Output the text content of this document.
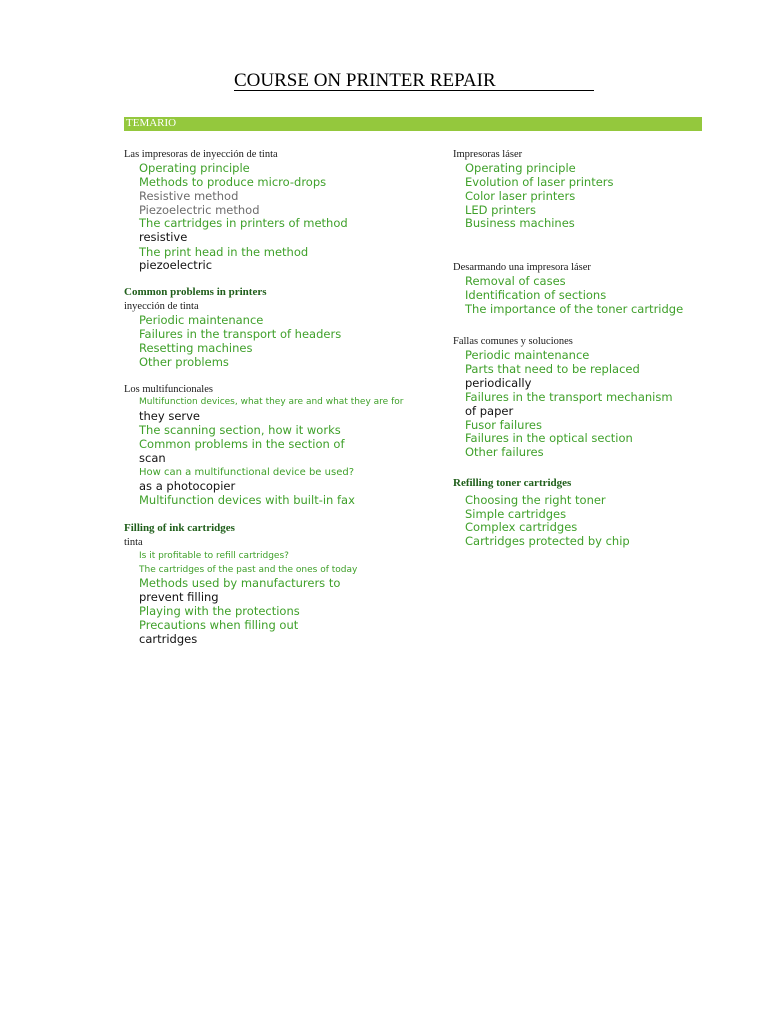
COURSE ON PRINTER REPAIR
TEMARIO
Las impresoras de inyección de tinta
Operating principle
Methods to produce micro-drops
Resistive method
Piezoelectric method
The cartridges in printers of method
resistive
The print head in the method
piezoelectric
Common problems in printers
inyección de tinta
Periodic maintenance
Failures in the transport of headers
Resetting machines
Other problems
Los multifuncionales
Multifunction devices, what they are and what they are for
they serve
The scanning section, how it works
Common problems in the section of
scan
How can a multifunctional device be used?
as a photocopier
Multifunction devices with built-in fax
Filling of ink cartridges
tinta
Is it profitable to refill cartridges?
The cartridges of the past and the ones of today
Methods used by manufacturers to
prevent filling
Playing with the protections
Precautions when filling out
cartridges
Impresoras láser
Operating principle
Evolution of laser printers
Color laser printers
LED printers
Business machines
Desarmando una impresora láser
Removal of cases
Identification of sections
The importance of the toner cartridge
Fallas comunes y soluciones
Periodic maintenance
Parts that need to be replaced
periodically
Failures in the transport mechanism
of paper
Fusor failures
Failures in the optical section
Other failures
Refilling toner cartridges
Choosing the right toner
Simple cartridges
Complex cartridges
Cartridges protected by chip
